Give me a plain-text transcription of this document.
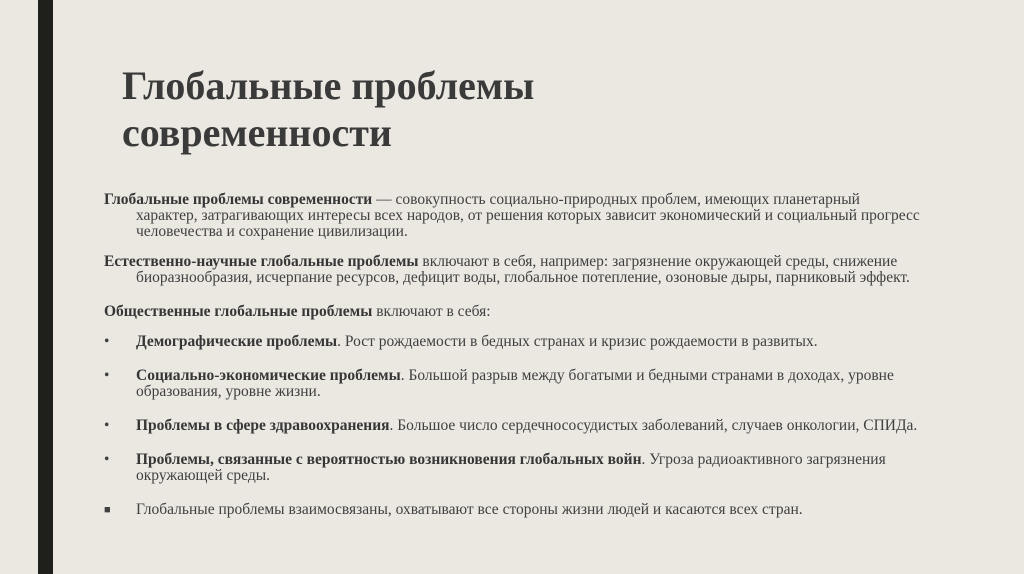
Глобальные проблемы современности

Глобальные проблемы современности — совокупность социально-природных проблем, имеющих планетарный характер, затрагивающих интересы всех народов, от решения которых зависит экономический и социальный прогресс человечества и сохранение цивилизации.

Естественно-научные глобальные проблемы включают в себя, например: загрязнение окружающей среды, снижение биоразнообразия, исчерпание ресурсов, дефицит воды, глобальное потепление, озоновые дыры, парниковый эффект.

Общественные глобальные проблемы включают в себя:

• Демографические проблемы. Рост рождаемости в бедных странах и кризис рождаемости в развитых.
• Социально-экономические проблемы. Большой разрыв между богатыми и бедными странами в доходах, уровне образования, уровне жизни.
• Проблемы в сфере здравоохранения. Большое число сердечнососудистых заболеваний, случаев онкологии, СПИДа.
• Проблемы, связанные с вероятностью возникновения глобальных войн. Угроза радиоактивного загрязнения окружающей среды.
■ Глобальные проблемы взаимосвязаны, охватывают все стороны жизни людей и касаются всех стран.
